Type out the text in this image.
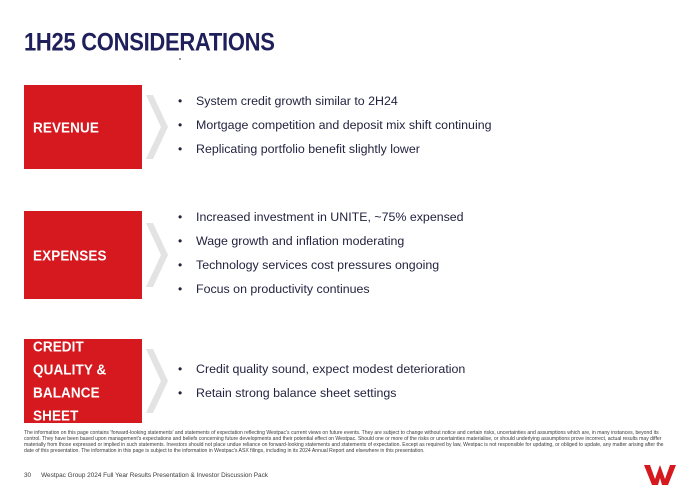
1H25 CONSIDERATIONS
REVENUE
• System credit growth similar to 2H24
• Mortgage competition and deposit mix shift continuing
• Replicating portfolio benefit slightly lower
EXPENSES
• Increased investment in UNITE, ~75% expensed
• Wage growth and inflation moderating
• Technology services cost pressures ongoing
• Focus on productivity continues
CREDIT QUALITY &
BALANCE SHEET
• Credit quality sound, expect modest deterioration
• Retain strong balance sheet settings
The information on this page contains 'forward-looking statements' and statements of expectation reflecting Westpac's current views on future events. They are subject to change without notice and certain risks, uncertainties and assumptions which are, in many instances, beyond its control. They have been based upon management's expectations and beliefs concerning future developments and their potential effect on Westpac. Should one or more of the risks or uncertainties materialise, or should underlying assumptions prove incorrect, actual results may differ materially from those expressed or implied in such statements. Investors should not place undue reliance on forward-looking statements and statements of expectation. Except as required by law, Westpac is not responsible for updating, or obliged to update, any matter arising after the date of this presentation. The information in this page is subject to the information in Westpac's ASX filings, including in its 2024 Annual Report and elsewhere in this presentation.
30 Westpac Group 2024 Full Year Results Presentation & Investor Discussion Pack
